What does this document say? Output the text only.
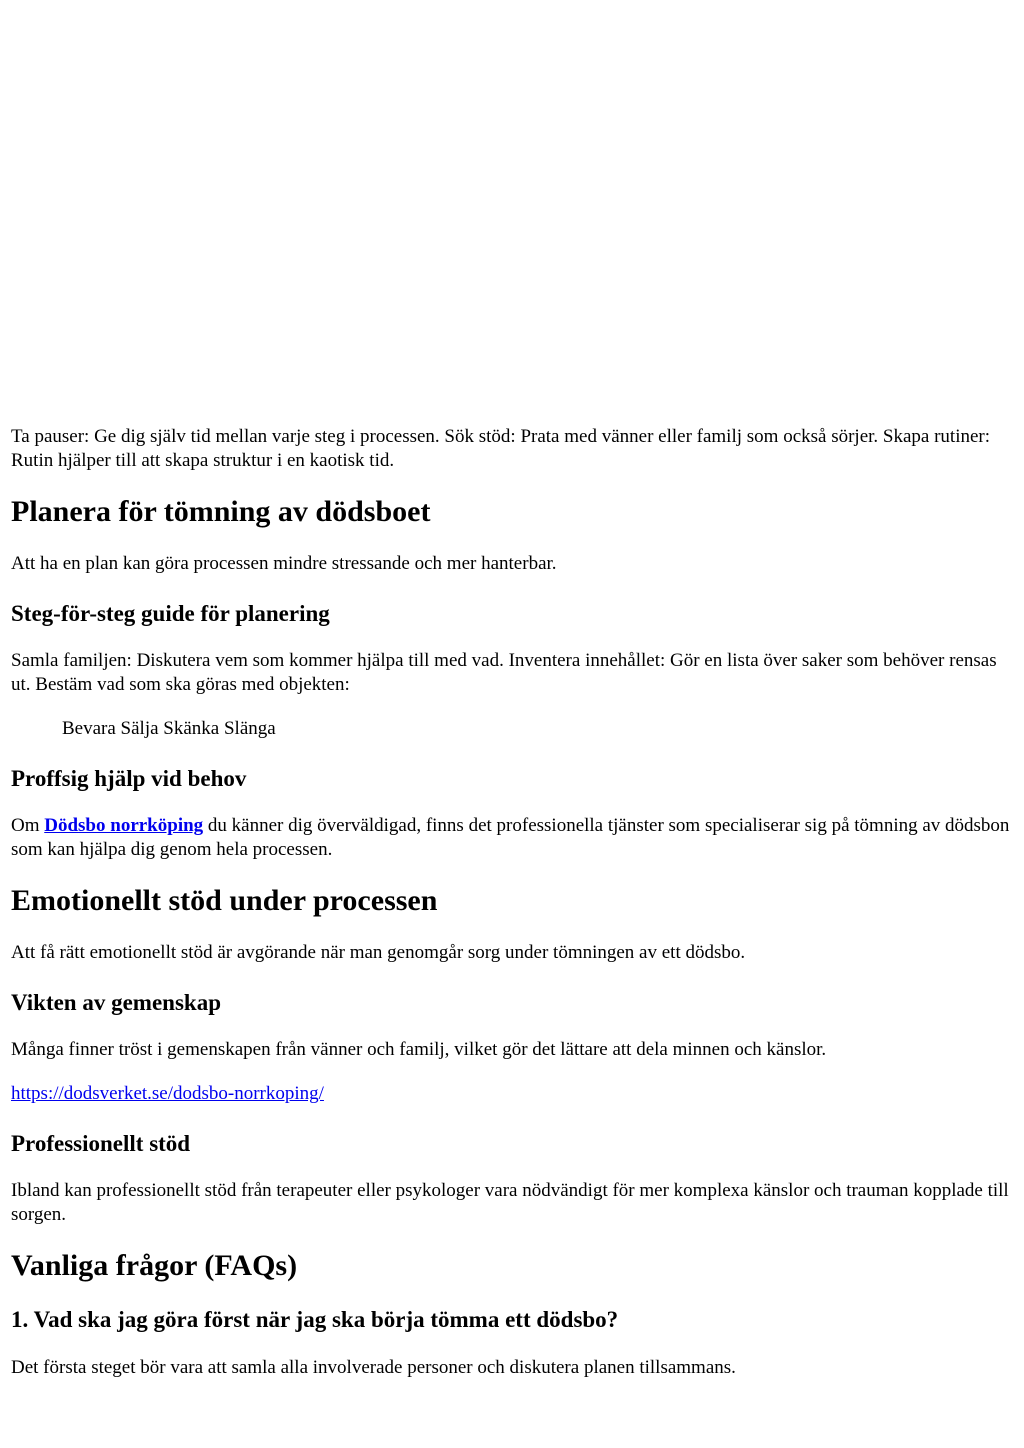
Ta pauser: Ge dig själv tid mellan varje steg i processen. Sök stöd: Prata med vänner eller familj som också sörjer. Skapa rutiner: Rutin hjälper till att skapa struktur i en kaotisk tid.

Planera för tömning av dödsboet

Att ha en plan kan göra processen mindre stressande och mer hanterbar.

Steg-för-steg guide för planering

Samla familjen: Diskutera vem som kommer hjälpa till med vad. Inventera innehållet: Gör en lista över saker som behöver rensas ut. Bestäm vad som ska göras med objekten:

Bevara Sälja Skänka Slänga

Proffsig hjälp vid behov

Om Dödsbo norrköping du känner dig överväldigad, finns det professionella tjänster som specialiserar sig på tömning av dödsbon som kan hjälpa dig genom hela processen.

Emotionellt stöd under processen

Att få rätt emotionellt stöd är avgörande när man genomgår sorg under tömningen av ett dödsbo.

Vikten av gemenskap

Många finner tröst i gemenskapen från vänner och familj, vilket gör det lättare att dela minnen och känslor.

https://dodsverket.se/dodsbo-norrkoping/

Professionellt stöd

Ibland kan professionellt stöd från terapeuter eller psykologer vara nödvändigt för mer komplexa känslor och trauman kopplade till sorgen.

Vanliga frågor (FAQs)
1. Vad ska jag göra först när jag ska börja tömma ett dödsbo?

Det första steget bör vara att samla alla involverade personer och diskutera planen tillsammans.
